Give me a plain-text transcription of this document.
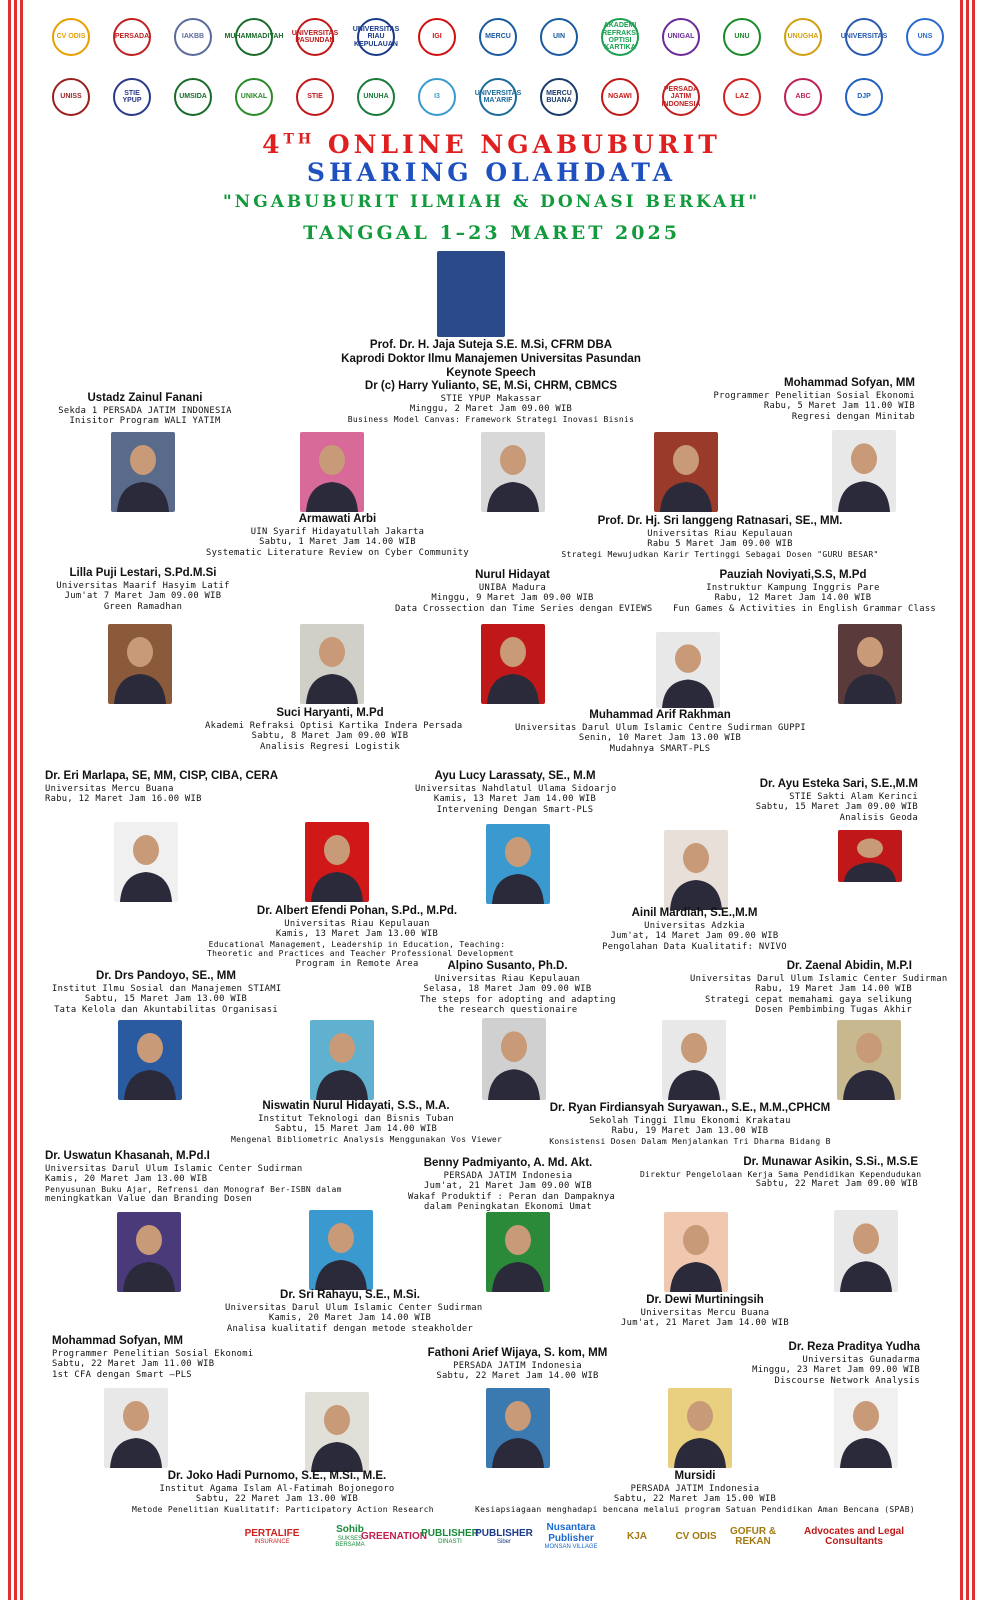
CV ODIS	PERSADA	IAKBB	MUHAMMADIYAH
UNIVERSITAS PASUNDAN
UNIVERSITAS RIAU KEPULAUAN
IGI	MERCU	UIN
AKADEMI REFRAKSI OPTISI KARTIKA
UNIGAL	UNU	UNUGHA	UNIVERSITAS	UNS
UNISS
STIE YPUP
UMSIDA	UNIKAL	STIE	UNUHA	I3
UNIVERSITAS MA'ARIF
MERCU BUANA
NGAWI
PERSADA JATIM INDONESIA
LAZ	ABC	DJP
4TH ONLINE NGABUBURIT
SHARING OLAHDATA
"NGABUBURIT ILMIAH & DONASI BERKAH"
TANGGAL 1–23 MARET 2025
Prof. Dr. H. Jaja Suteja S.E. M.Si, CFRM DBA
Kaprodi Doktor Ilmu Manajemen Universitas Pasundan
Keynote Speech
Dr (c) Harry Yulianto, SE, M.Si, CHRM, CBMCS
STIE YPUP Makassar
Minggu, 2 Maret Jam 09.00 WIB
Business Model Canvas: Framework Strategi Inovasi Bisnis
Ustadz Zainul Fanani
Sekda 1 PERSADA JATIM INDONESIA
Inisitor Program WALI YATIM
Mohammad Sofyan, MM
Programmer Penelitian Sosial Ekonomi
Rabu, 5 Maret Jam 11.00 WIB
Regresi dengan Minitab
Armawati Arbi
UIN Syarif Hidayatullah Jakarta
Sabtu, 1 Maret Jam 14.00 WIB
Systematic Literature Review on Cyber Community
Prof. Dr. Hj. Sri langgeng Ratnasari, SE., MM.
Universitas Riau Kepulauan
Rabu 5 Maret Jam 09.00 WIB
Strategi Mewujudkan Karir Tertinggi Sebagai Dosen "GURU BESAR"
Lilla Puji Lestari, S.Pd.M.Si
Universitas Maarif Hasyim Latif
Jum'at 7 Maret Jam 09.00 WIB
Green Ramadhan
Nurul Hidayat
UNIBA Madura
Minggu, 9 Maret Jam 09.00 WIB
Data Crossection dan Time Series dengan EVIEWS
Pauziah Noviyati,S.S, M.Pd
Instruktur Kampung Inggris Pare
Rabu, 12 Maret Jam 14.00 WIB
Fun Games & Activities in English Grammar Class
Suci Haryanti, M.Pd
Akademi Refraksi Optisi Kartika Indera Persada
Sabtu, 8 Maret Jam 09.00 WIB
Analisis Regresi Logistik
Muhammad Arif Rakhman
Universitas Darul Ulum Islamic Centre Sudirman GUPPI
Senin, 10 Maret Jam 13.00 WIB
Mudahnya SMART-PLS
Dr. Eri Marlapa, SE, MM, CISP, CIBA, CERA
Universitas Mercu Buana
Rabu, 12 Maret Jam 16.00 WIB
Ayu Lucy Larassaty, SE., M.M
Universitas Nahdlatul Ulama Sidoarjo
Kamis, 13 Maret Jam 14.00 WIB
Intervening Dengan Smart-PLS
Dr. Ayu Esteka Sari, S.E.,M.M
STIE Sakti Alam Kerinci
Sabtu, 15 Maret Jam 09.00 WIB
Analisis Geoda
Dr. Albert Efendi Pohan, S.Pd., M.Pd.
Universitas Riau Kepulauan
Kamis, 13 Maret Jam 13.00 WIB
Educational Management, Leadership in Education, Teaching:
Theoretic and Practices and Teacher Professional Development
Program in Remote Area
Ainil Mardiah, S.E.,M.M
Universitas Adzkia
Jum'at, 14 Maret Jam 09.00 WIB
Pengolahan Data Kualitatif: NVIVO
Dr. Drs Pandoyo, SE., MM
Institut Ilmu Sosial dan Manajemen STIAMI
Sabtu, 15 Maret Jam 13.00 WIB
Tata Kelola dan Akuntabilitas Organisasi
Alpino Susanto, Ph.D.
Universitas Riau Kepulauan
Selasa, 18 Maret Jam 09.00 WIB
The steps for adopting and adapting
the research questionaire
Dr. Zaenal Abidin, M.P.I
Universitas Darul Ulum Islamic Center Sudirman
Rabu, 19 Maret Jam 14.00 WIB
Strategi cepat memahami gaya selikung
Dosen Pembimbing Tugas Akhir
Niswatin Nurul Hidayati, S.S., M.A.
Institut Teknologi dan Bisnis Tuban
Sabtu, 15 Maret Jam 14.00 WIB
Mengenal Bibliometric Analysis Menggunakan Vos Viewer
Dr. Ryan Firdiansyah Suryawan., S.E., M.M.,CPHCM
Sekolah Tinggi Ilmu Ekonomi Krakatau
Rabu, 19 Maret Jam 13.00 WIB
Konsistensi Dosen Dalam Menjalankan Tri Dharma Bidang B
Dr. Uswatun Khasanah, M.Pd.I
Universitas Darul Ulum Islamic Center Sudirman
Kamis, 20 Maret Jam 13.00 WIB
Penyusunan Buku Ajar, Refrensi dan Monograf Ber-ISBN dalam
meningkatkan Value dan Branding Dosen
Benny Padmiyanto, A. Md. Akt.
PERSADA JATIM Indonesia
Jum'at, 21 Maret Jam 09.00 WIB
Wakaf Produktif : Peran dan Dampaknya
dalam Peningkatan Ekonomi Umat
Dr. Munawar Asikin, S.Si., M.S.E
Direktur Pengelolaan Kerja Sama Pendidikan Kependudukan
Sabtu, 22 Maret Jam 09.00 WIB
Dr. Sri Rahayu, S.E., M.Si.
Universitas Darul Ulum Islamic Center Sudirman
Kamis, 20 Maret Jam 14.00 WIB
Analisa kualitatif dengan metode steakholder
Dr. Dewi Murtiningsih
Universitas Mercu Buana
Jum'at, 21 Maret Jam 14.00 WIB
Mohammad Sofyan, MM
Programmer Penelitian Sosial Ekonomi
Sabtu, 22 Maret Jam 11.00 WIB
1st CFA dengan Smart –PLS
Fathoni Arief Wijaya, S. kom, MM
PERSADA JATIM Indonesia
Sabtu, 22 Maret Jam 14.00 WIB
Dr. Reza Praditya Yudha
Universitas Gunadarma
Minggu, 23 Maret Jam 09.00 WIB
Discourse Network Analysis
Dr. Joko Hadi Purnomo, S.E., M.Si., M.E.
Institut Agama Islam Al-Fatimah Bojonegoro
Sabtu, 22 Maret Jam 13.00 WIB
Metode Penelitian Kualitatif: Participatory Action Research
Mursidi
PERSADA JATIM Indonesia
Sabtu, 22 Maret Jam 15.00 WIB
Kesiapsiagaan menghadapi bencana melalui program Satuan Pendidikan Aman Bencana (SPAB)
PERTALIFE
INSURANCE
Sohib
SUKSES BERSAMA
GREENATION
PUBLISHER
DINASTI
PUBLISHER
Siber
Nusantara Publisher
MONSAN VILLAGE
KJA	CV ODIS GOFUR & REKAN
Advocates and Legal Consultants
